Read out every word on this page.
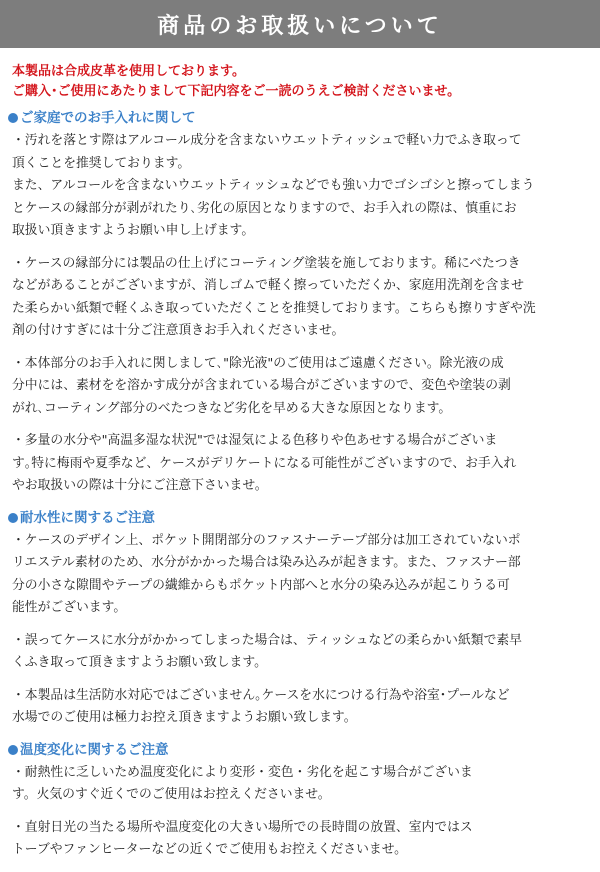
商品のお取扱いについて
本製品は合成皮革を使用しております。
ご購入･ご使用にあたりまして下記内容をご一読のうえご検討くださいませ。
ご家庭でのお手入れに関して
・汚れを落とす際はアルコール成分を含まないウエットティッシュで軽い力でふき取って
頂くことを推奨しております。
また、アルコールを含まないウエットティッシュなどでも強い力でゴシゴシと擦ってしまう
とケースの縁部分が剥がれたり､劣化の原因となりますので、お手入れの際は、慎重にお
取扱い頂きますようお願い申し上げます。
・ケースの縁部分には製品の仕上げにコーティング塗装を施しております。稀にべたつき
などがあることがございますが、消しゴムで軽く擦っていただくか、家庭用洗剤を含ませ
た柔らかい紙類で軽くふき取っていただくことを推奨しております。こちらも擦りすぎや洗
剤の付けすぎには十分ご注意頂きお手入れくださいませ。
・本体部分のお手入れに関しまして､"除光液"のご使用はご遠慮ください。除光液の成
分中には、素材をを溶かす成分が含まれている場合がございますので、変色や塗装の剥
がれ､コーティング部分のべたつきなど劣化を早める大きな原因となります。
・多量の水分や"高温多湿な状況"では湿気による色移りや色あせする場合がございま
す｡特に梅雨や夏季など、ケースがデリケートになる可能性がございますので、お手入れ
やお取扱いの際は十分にご注意下さいませ。
耐水性に関するご注意
・ケースのデザイン上、ポケット開閉部分のファスナーテープ部分は加工されていないポ
リエステル素材のため、水分がかかった場合は染み込みが起きます。また、ファスナー部
分の小さな隙間やテープの繊維からもポケット内部へと水分の染み込みが起こりうる可
能性がございます。
・誤ってケースに水分がかかってしまった場合は、ティッシュなどの柔らかい紙類で素早
くふき取って頂きますようお願い致します。
・本製品は生活防水対応ではございません｡ケースを水につける行為や浴室･プールなど
水場でのご使用は極力お控え頂きますようお願い致します。
温度変化に関するご注意
・耐熱性に乏しいため温度変化により変形・変色・劣化を起こす場合がございま
す。火気のすぐ近くでのご使用はお控えくださいませ。
・直射日光の当たる場所や温度変化の大きい場所での長時間の放置、室内ではス
トーブやファンヒーターなどの近くでご使用もお控えくださいませ。
